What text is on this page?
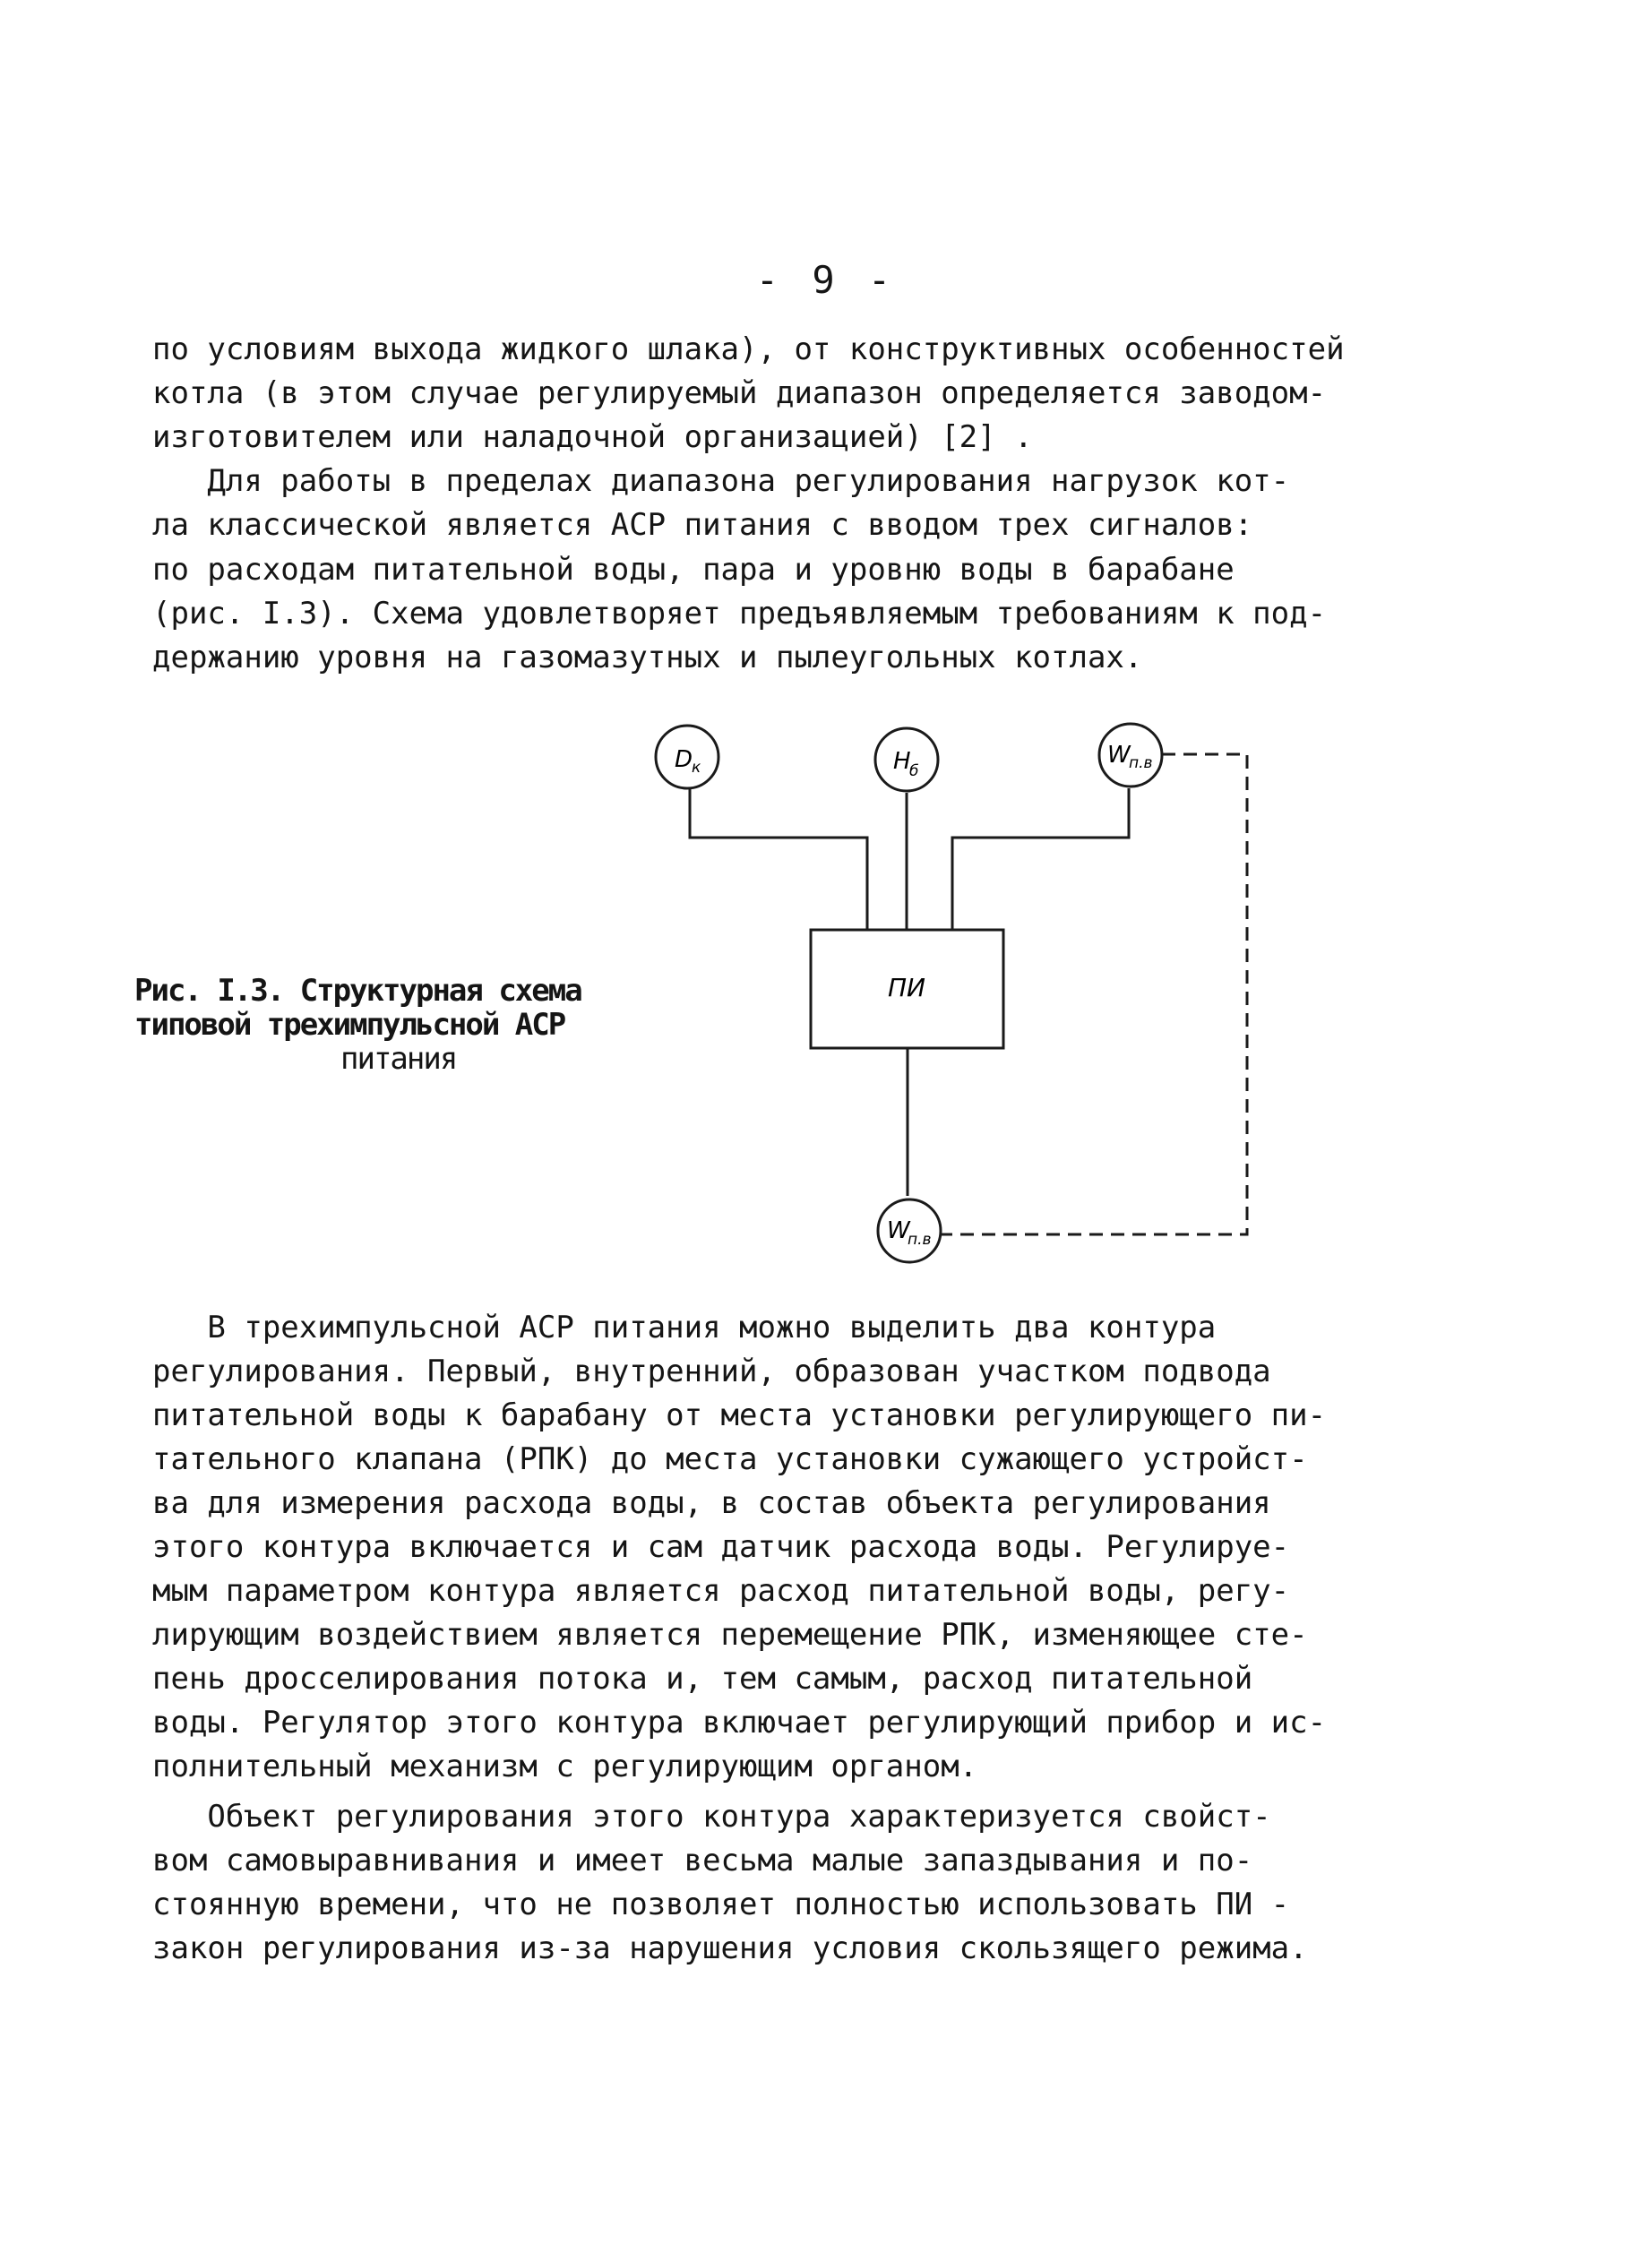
- 9 -
по условиям выхода жидкого шлака), от конструктивных особенностей
котла (в этом случае регулируемый диапазон определяется заводом-
изготовителем или наладочной организацией) [2] .
Для работы в пределах диапазона регулирования нагрузок кот-
ла классической является АСР питания с вводом трех сигналов:
по расходам питательной воды, пара и уровню воды в барабане
(рис. I.3). Схема удовлетворяет предъявляемым требованиям к под-
держанию уровня на газомазутных и пылеугольных котлах.
Рис. I.3. Структурная схема
типовой трехимпульсной АСР
питания
ПИ
D
к	H
б
W
п.в
W
п.в
В трехимпульсной АСР питания можно выделить два контура
регулирования. Первый, внутренний, образован участком подвода
питательной воды к барабану от места установки регулирующего пи-
тательного клапана (РПК) до места установки сужающего устройст-
ва для измерения расхода воды, в состав объекта регулирования
этого контура включается и сам датчик расхода воды. Регулируе-
мым параметром контура является расход питательной воды, регу-
лирующим воздействием является перемещение РПК, изменяющее сте-
пень дросселирования потока и, тем самым, расход питательной
воды. Регулятор этого контура включает регулирующий прибор и ис-
полнительный механизм с регулирующим органом.
Объект регулирования этого контура характеризуется свойст-
вом самовыравнивания и имеет весьма малые запаздывания и по-
стоянную времени, что не позволяет полностью использовать ПИ -
закон регулирования из-за нарушения условия скользящего режима.
